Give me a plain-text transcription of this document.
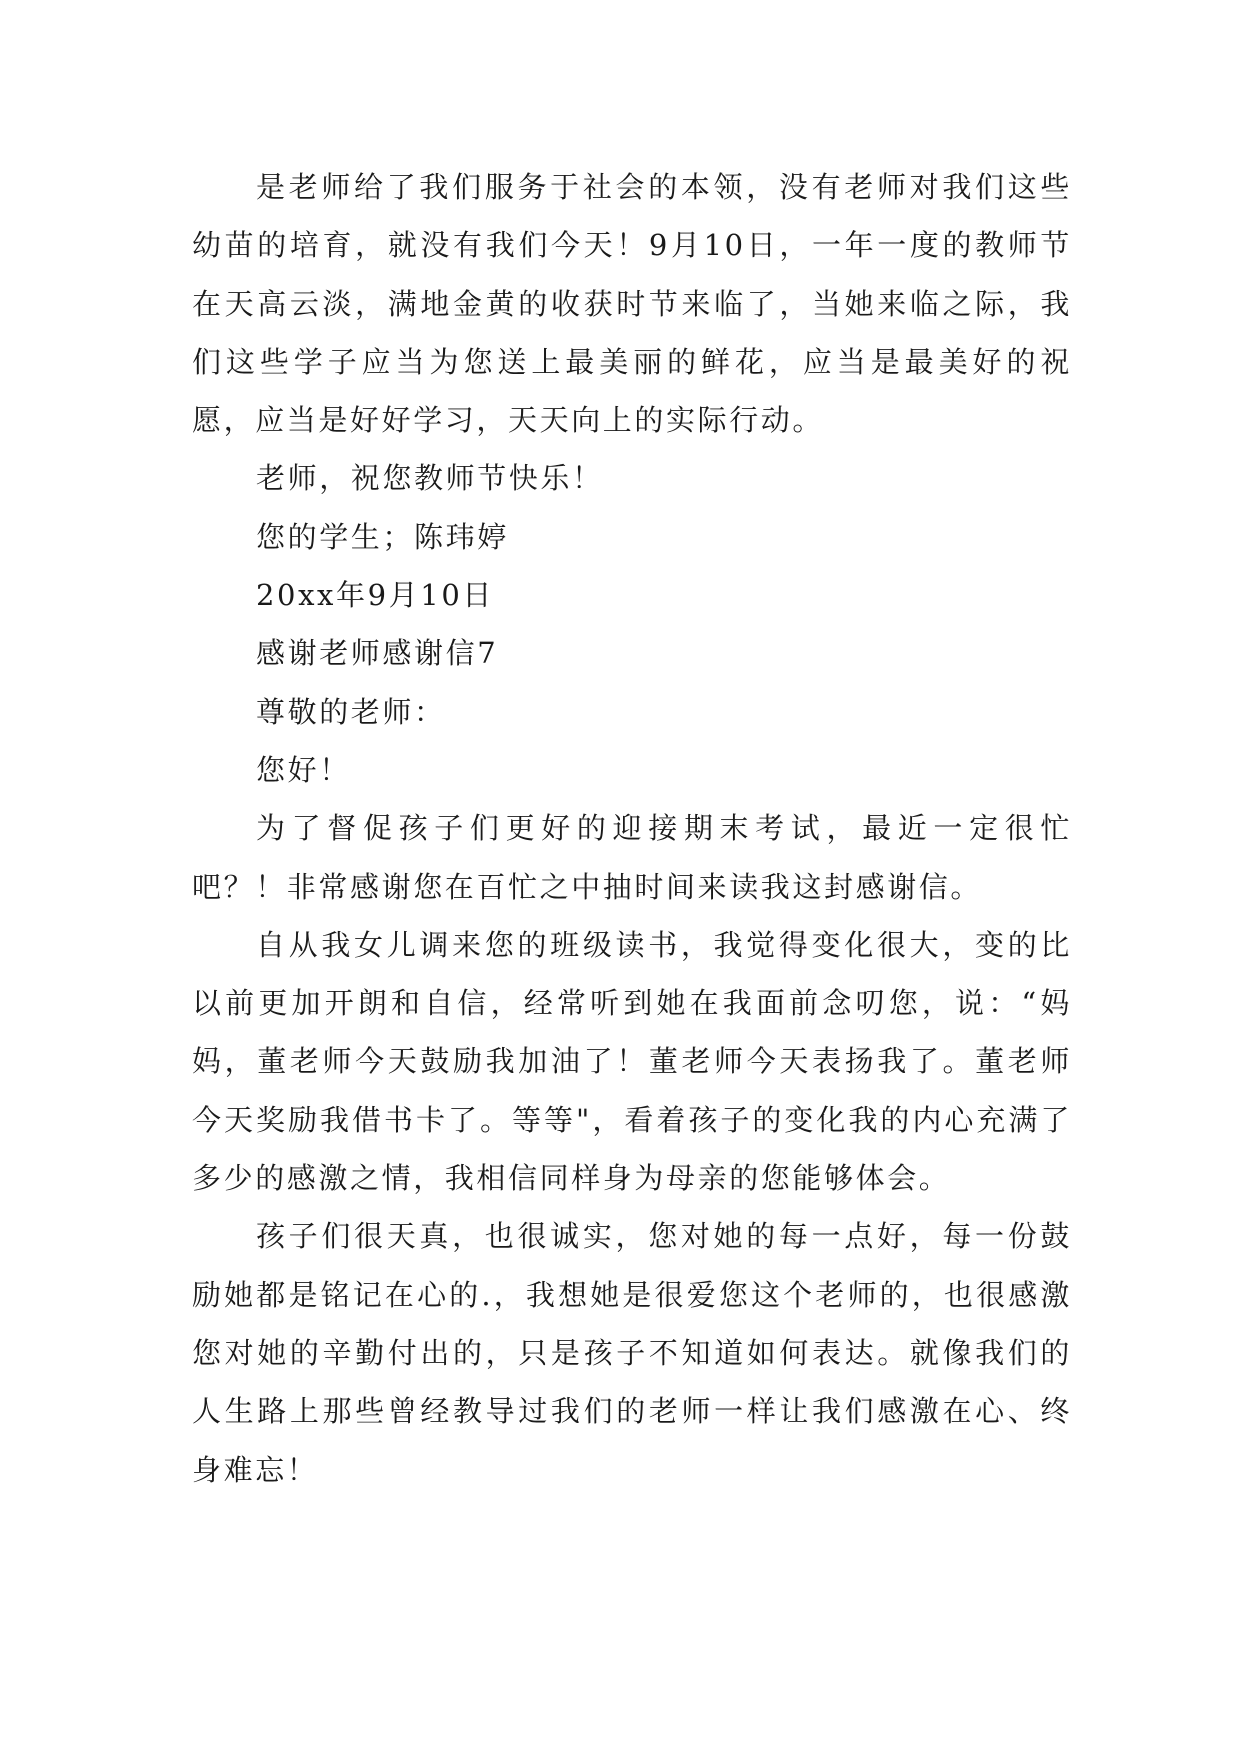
是老师给了我们服务于社会的本领，没有老师对我们这些幼苗的培育，就没有我们今天！9月10日，一年一度的教师节在天高云淡，满地金黄的收获时节来临了，当她来临之际，我们这些学子应当为您送上最美丽的鲜花，应当是最美好的祝愿，应当是好好学习，天天向上的实际行动。

老师，祝您教师节快乐！

您的学生；陈玮婷

20xx年9月10日

感谢老师感谢信7

尊敬的老师：

您好！

为了督促孩子们更好的迎接期末考试，最近一定很忙吧？！非常感谢您在百忙之中抽时间来读我这封感谢信。

自从我女儿调来您的班级读书，我觉得变化很大，变的比以前更加开朗和自信，经常听到她在我面前念叨您，说：“妈妈，董老师今天鼓励我加油了！董老师今天表扬我了。董老师今天奖励我借书卡了。等等"，看着孩子的变化我的内心充满了多少的感激之情，我相信同样身为母亲的您能够体会。

孩子们很天真，也很诚实，您对她的每一点好，每一份鼓励她都是铭记在心的.，我想她是很爱您这个老师的，也很感激您对她的辛勤付出的，只是孩子不知道如何表达。就像我们的人生路上那些曾经教导过我们的老师一样让我们感激在心、终身难忘！
